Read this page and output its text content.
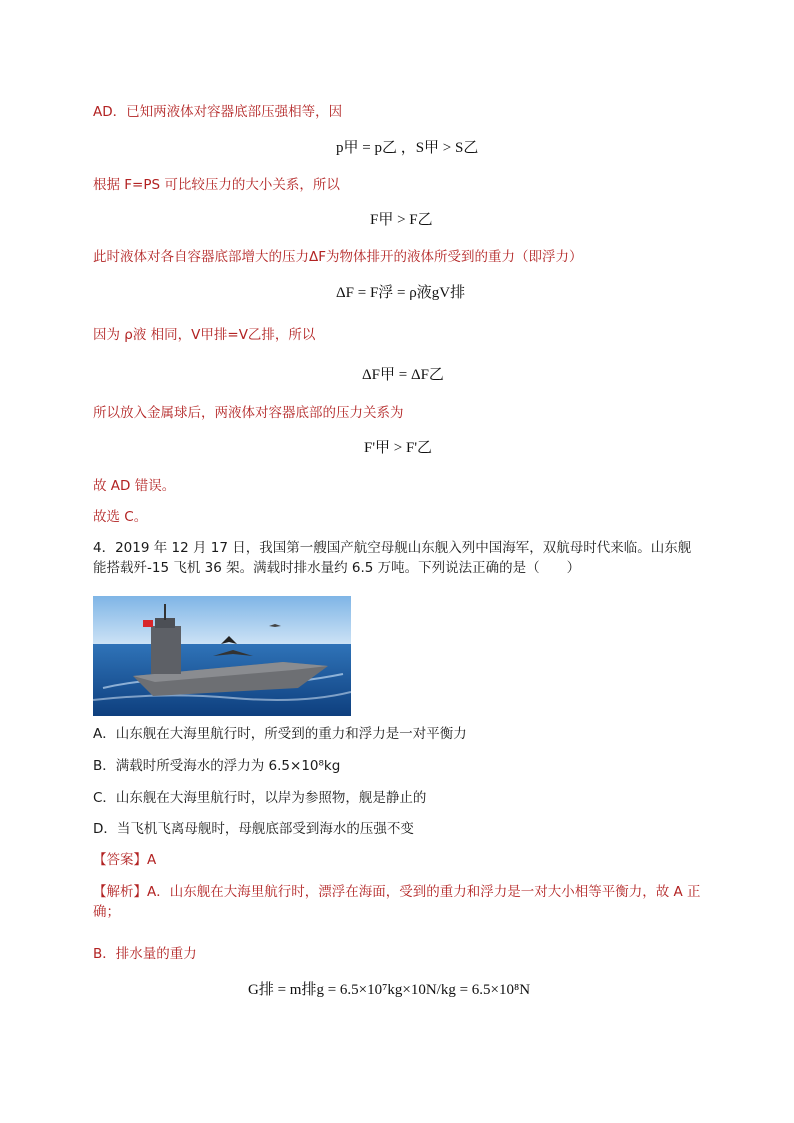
AD．已知两液体对容器底部压强相等，因
p甲 = p乙 ，S甲 > S乙
根据 F=PS 可比较压力的大小关系，所以
F甲 > F乙
此时液体对各自容器底部增大的压力ΔF为物体排开的液体所受到的重力（即浮力）
ΔF = F浮 = ρ液gV排
因为 ρ液 相同，V甲排=V乙排，所以
ΔF甲 = ΔF乙
所以放入金属球后，两液体对容器底部的压力关系为
F'甲 > F'乙
故 AD 错误。
故选 C。
4．2019 年 12 月 17 日，我国第一艘国产航空母舰山东舰入列中国海军，双航母时代来临。山东舰能搭载歼-15 飞机 36 架。满载时排水量约 6.5 万吨。下列说法正确的是（　　）
A．山东舰在大海里航行时，所受到的重力和浮力是一对平衡力
B．满载时所受海水的浮力为 6.5×10⁸kg
C．山东舰在大海里航行时，以岸为参照物，舰是静止的
D．当飞机飞离母舰时，母舰底部受到海水的压强不变
【答案】A
【解析】A．山东舰在大海里航行时，漂浮在海面，受到的重力和浮力是一对大小相等平衡力，故 A 正确；
B．排水量的重力
G排 = m排g = 6.5×10⁷kg×10N/kg = 6.5×10⁸N
